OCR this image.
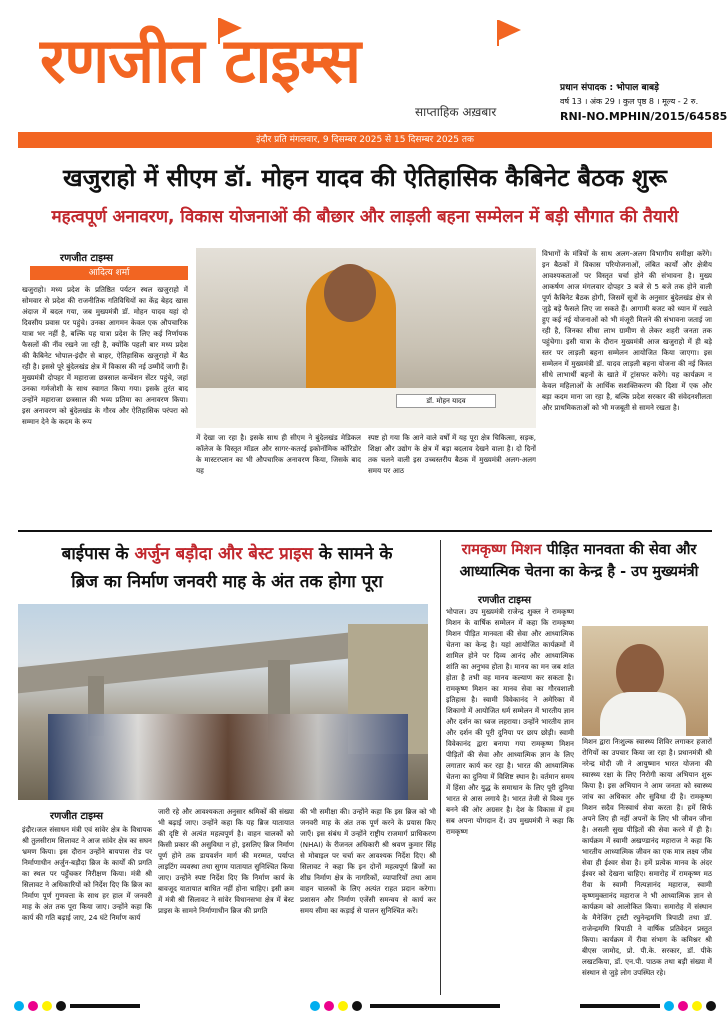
रणजीत टाइम्स
साप्ताहिक अख़बार
प्रधान संपादक : भोपाल बाबड़े
वर्ष 13 । अंक 29 । कुल पृष्ठ 8 । मूल्य - 2 रु.
RNI-NO.MPHIN/2015/64585
इंदौर प्रति मंगलवार, 9 दिसम्बर 2025 से 15 दिसम्बर 2025 तक
खजुराहो में सीएम डॉ. मोहन यादव की ऐतिहासिक कैबिनेट बैठक शुरू
महत्वपूर्ण अनावरण, विकास योजनाओं की बौछार और लाड़ली बहना सम्मेलन में बड़ी सौगात की तैयारी
रणजीत टाइम्स
आदित्य शर्मा
खजुराहो। मध्य प्रदेश के प्रतिष्ठित पर्यटन स्थल खजुराहो में सोमवार से प्रदेश की राजनीतिक गतिविधियों का केंद्र बेहद खास अंदाज में बदल गया, जब मुख्यमंत्री डॉ. मोहन यादव यहां दो दिवसीय प्रवास पर पहुंचे। उनका आगमन केवल एक औपचारिक यात्रा भर नहीं है, बल्कि यह यात्रा प्रदेश के लिए कई निर्णायक फैसलों की नींव रखने जा रही है, क्योंकि पहली बार मध्य प्रदेश की कैबिनेट भोपाल-इंदौर से बाहर, ऐतिहासिक खजुराहो में बैठ रही है। इससे पूरे बुंदेलखंड क्षेत्र में विकास की नई उम्मीदें जागी हैं। मुख्यमंत्री दोपहर में महाराजा छत्रसाल कन्वेंशन सेंटर पहुंचे, जहां उनका गर्मजोशी के साथ स्वागत किया गया। इसके तुरंत बाद उन्होंने महाराजा छत्रसाल की भव्य प्रतिमा का अनावरण किया। इस अनावरण को बुंदेलखंड के गौरव और ऐतिहासिक परंपरा को सम्मान देने के कदम के रूप
डॉ. मोहन यादव
में देखा जा रहा है। इसके साथ ही सीएम ने बुंदेलखंड मेडिकल कॉलेज के विस्तृत मॉडल और सागर-कतरई इकोनॉमिक कॉरिडोर के मास्टरप्लान का भी औपचारिक अनावरण किया, जिसके बाद यह
स्पष्ट हो गया कि आने वाले वर्षों में यह पूरा क्षेत्र चिकित्सा, सड़क, शिक्षा और उद्योग के क्षेत्र में बड़ा बदलाव देखने वाला है। दो दिनों तक चलने वाली इस उच्चस्तरीय बैठक में मुख्यमंत्री अलग-अलग समय पर आठ
विभागों के मंत्रियों के साथ अलग-अलग विभागीय समीक्षा करेंगे। इन बैठकों में विकास परियोजनाओं, लंबित कार्यों और क्षेत्रीय आवश्यकताओं पर विस्तृत चर्चा होने की संभावना है। मुख्य आकर्षण आज मंगलवार दोपहर 3 बजे से 5 बजे तक होने वाली पूर्ण कैबिनेट बैठक होगी, जिसमें सूत्रों के अनुसार बुंदेलखंड क्षेत्र से जुड़े बड़े फैसले लिए जा सकते हैं। आगामी बजट को ध्यान में रखते हुए कई नई योजनाओं को भी मंजूरी मिलने की संभावना जताई जा रही है, जिनका सीधा लाभ ग्रामीण से लेकर शहरी जनता तक पहुंचेगा। इसी यात्रा के दौरान मुख्यमंत्री आज खजुराहो में ही बड़े स्तर पर लाड़ली बहना सम्मेलन आयोजित किया जाएगा। इस सम्मेलन में मुख्यमंत्री डॉ. यादव लाड़ली बहना योजना की नई किस्त सीधे लाभार्थी बहनों के खाते में ट्रांसफर करेंगे। यह कार्यक्रम न केवल महिलाओं के आर्थिक सशक्तिकरण की दिशा में एक और बड़ा कदम माना जा रहा है, बल्कि प्रदेश सरकार की संवेदनशीलता और प्राथमिकताओं को भी मजबूती से सामने रखता है।
बाईपास के अर्जुन बड़ौदा और बेस्ट प्राइस के सामने के
ब्रिज का निर्माण जनवरी माह के अंत तक होगा पूरा
रणजीत टाइम्स
इंदौर।जल संसाधन मंत्री एवं सांवेर क्षेत्र के विधायक श्री तुलसीराम सिलावट ने आज सांवेर क्षेत्र का सघन भ्रमण किया। इस दौरान उन्होंने बायपास रोड पर निर्माणाधीन अर्जुन-बड़ौदा ब्रिज के कार्यों की प्रगति का स्थल पर पहुँचकर निरीक्षण किया। मंत्री श्री सिलावट ने अधिकारियों को निर्देश दिए कि ब्रिज का निर्माण पूर्ण गुणवत्ता के साथ हर हाल में जनवरी माह के अंत तक पूरा किया जाए। उन्होंने कहा कि कार्य की गति बढ़ाई जाए, 24 घंटे निर्माण कार्य
जारी रहे और आवश्यकता अनुसार श्रमिकों की संख्या भी बढ़ाई जाए। उन्होंने कहा कि यह ब्रिज यातायात की दृष्टि से अत्यंत महत्वपूर्ण है। वाहन चालकों को किसी प्रकार की असुविधा न हो, इसलिए ब्रिज निर्माण पूर्ण होने तक डायवर्शन मार्ग की मरम्मत, पर्याप्त लाइटिंग व्यवस्था तथा सुगम यातायात सुनिश्चित किया जाए। उन्होंने स्पष्ट निर्देश दिए कि निर्माण कार्य के बावजूद यातायात बाधित नहीं होना चाहिए। इसी क्रम में मंत्री श्री सिलावट ने सांवेर विधानसभा क्षेत्र में बेस्ट प्राइस के सामने निर्माणाधीन ब्रिज की प्रगति
की भी समीक्षा की। उन्होंने कहा कि इस ब्रिज को भी जनवरी माह के अंत तक पूर्ण करने के प्रयास किए जाएँ। इस संबंध में उन्होंने राष्ट्रीय राजमार्ग प्राधिकरण (NHAI) के रीजनल अधिकारी श्री श्रवण कुमार सिंह से मोबाइल पर चर्चा कर आवश्यक निर्देश दिए। श्री सिलावट ने कहा कि इन दोनों महत्वपूर्ण ब्रिजों का शीघ्र निर्माण क्षेत्र के नागरिकों, व्यापारियों तथा आम वाहन चालकों के लिए अत्यंत राहत प्रदान करेगा। प्रशासन और निर्माण एजेंसी समन्वय से कार्य कर समय सीमा का कड़ाई से पालन सुनिश्चित करें।
रामकृष्ण मिशन पीड़ित मानवता की सेवा और
आध्यात्मिक चेतना का केन्द्र है - उप मुख्यमंत्री
रणजीत टाइम्स
भोपाल। उप मुख्यमंत्री राजेन्द्र शुक्ल ने रामकृष्ण मिशन के वार्षिक सम्मेलन में कहा कि रामकृष्ण मिशन पीड़ित मानवता की सेवा और आध्यात्मिक चेतना का केन्द्र है। यहां आयोजित कार्यक्रमों में शामिल होने पर दिव्य आनंद और आध्यात्मिक शांति का अनुभव होता है। मानव का मन जब शांत होता है तभी वह मानव कल्याण कर सकता है। रामकृष्ण मिशन का मानव सेवा का गौरवशाली इतिहास है। स्वामी विवेकानंद ने अमेरिका में शिकागो में आयोजित धर्म सम्मेलन में भारतीय ज्ञान और दर्शन का ध्वज लहराया। उन्होंने भारतीय ज्ञान और दर्शन की पूरी दुनिया पर छाप छोड़ी। स्वामी विवेकानंद द्वारा बनाया गया रामकृष्ण मिशन पीड़ितों की सेवा और आध्यात्मिक ज्ञान के लिए लगातार कार्य कर रहा है। भारत की आध्यात्मिक चेतना का दुनिया में विशिष्ट स्थान है। वर्तमान समय में हिंसा और युद्ध के समाधान के लिए पूरी दुनिया भारत से आस लगाये है। भारत तेजी से विश्व गुरु बनने की ओर अग्रसर है। देश के विकास में हम सब अपना योगदान दें। उप मुख्यमंत्री ने कहा कि रामकृष्ण
मिशन द्वारा निःशुल्क स्वास्थ्य शिविर लगाकर हजारों रोगियों का उपचार किया जा रहा है। प्रधानमंत्री श्री नरेन्द्र मोदी जी ने आयुष्मान भारत योजना की स्वास्थ्य रक्षा के लिए निरोगी काया अभियान शुरू किया है। इस अभियान ने आम जनता को स्वास्थ्य जांच का अधिकार और सुविधा दी है। रामकृष्ण मिशन सदैव निःस्वार्थ सेवा करता है। हमें सिर्फ अपने लिए ही नहीं अपनों के लिए भी जीवन जीना है। असली सुख पीड़ितों की सेवा करने में ही है। कार्यक्रम में स्वामी अखण्डानंद महाराज ने कहा कि भारतीय आध्यात्मिक जीवन का एक मात्र लक्ष्य जीव सेवा ही ईश्वर सेवा है। हमें प्रत्येक मानव के अंदर ईश्वर को देखना चाहिए। समारोह में रामकृष्ण मठ रीवा के स्वामी नित्यज्ञानंद महाराज, स्वामी कृष्णमुक्तानंद महाराज ने भी आध्यात्मिक ज्ञान से कार्यक्रम को आलोकित किया। समारोह में संस्थान के मैनेजिंग ट्रस्टी रघुनेन्द्रमणि त्रिपाठी तथा डॉ. राजेन्द्रमणि त्रिपाठी ने वार्षिक प्रतिवेदन प्रस्तुत किया। कार्यक्रम में रीवा संभाग के कमिश्नर श्री बीएस जामोद, प्रो. पी.के. सरकार, डॉ. पीके लखटकिया, डॉ. एन.पी. पाठक तथा बड़ी संख्या में संस्थान से जुड़े लोग उपस्थित रहे।
